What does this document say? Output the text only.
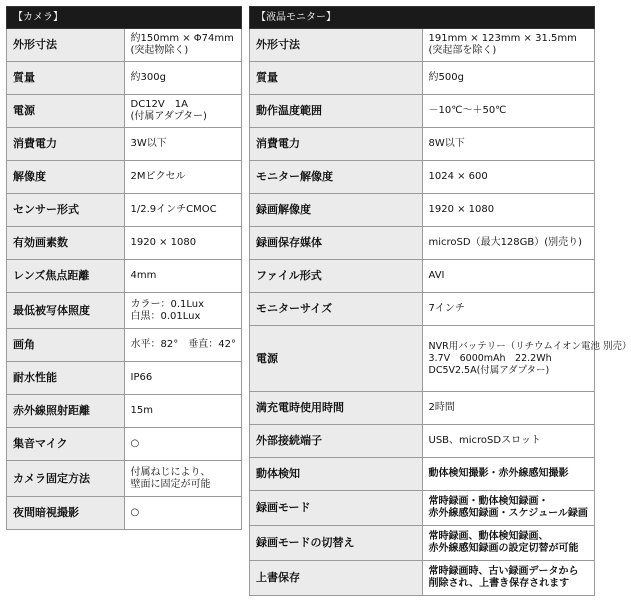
【カメラ】	
外形寸法	約150mm × Φ74mm
(突起物除く)

質量	約300g

電源	DC12V　1A
(付属アダプター)

消費電力	3W以下

解像度	2Mピクセル

センサー形式	1/2.9インチCMOC

有効画素数	1920 × 1080

レンズ焦点距離	4mm

最低被写体照度	カラー：0.1Lux
白黒：0.01Lux

画角	水平：82°　垂直：42°

耐水性能	IP66

赤外線照射距離	15m

集音マイク	○

カメラ固定方法	付属ねじにより、
壁面に固定が可能

夜間暗視撮影	○
【液晶モニター】	
外形寸法	191mm × 123mm × 31.5mm
(突起部を除く)

質量	約500g

動作温度範囲	－10℃～＋50℃

消費電力	8W以下

モニター解像度	1024 × 600

録画解像度	1920 × 1080

録画保存媒体	microSD（最大128GB）(別売り)

ファイル形式	AVI

モニターサイズ	7インチ

電源	NVR用バッテリー（リチウムイオン電池 別売）
3.7V　6000mAh　22.2Wh
DC5V2.5A(付属アダプター)

満充電時使用時間	2時間

外部接続端子	USB、microSDスロット

動体検知	動体検知撮影・赤外線感知撮影

録画モード	常時録画・動体検知録画・
赤外線感知録画・スケジュール録画

録画モードの切替え	常時録画、動体検知録画、
赤外線感知録画の設定切替が可能

上書保存	常時録画時、古い録画データから
削除され、上書き保存されます
